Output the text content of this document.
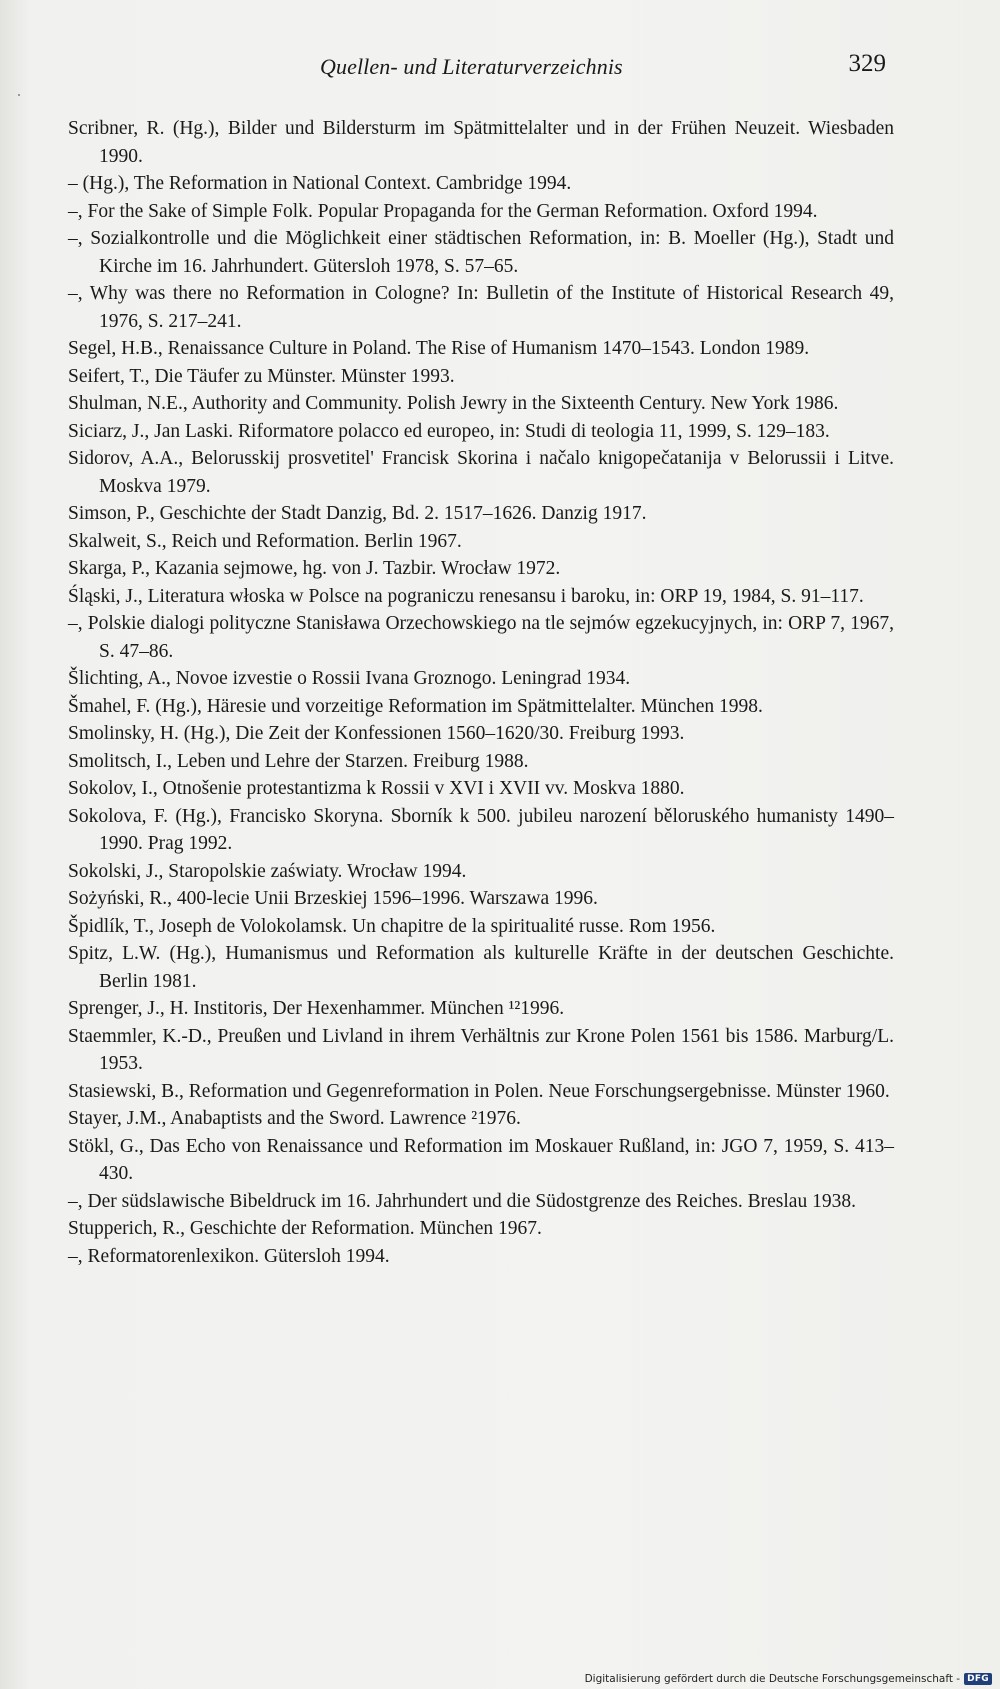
Quellen- und Literaturverzeichnis	329
Scribner, R. (Hg.), Bilder und Bildersturm im Spätmittelalter und in der Frühen Neuzeit. Wiesbaden 1990.
– (Hg.), The Reformation in National Context. Cambridge 1994.
–, For the Sake of Simple Folk. Popular Propaganda for the German Reformation. Oxford 1994.
–, Sozialkontrolle und die Möglichkeit einer städtischen Reformation, in: B. Moeller (Hg.), Stadt und Kirche im 16. Jahrhundert. Gütersloh 1978, S. 57–65.
–, Why was there no Reformation in Cologne? In: Bulletin of the Institute of Historical Research 49, 1976, S. 217–241.
Segel, H.B., Renaissance Culture in Poland. The Rise of Humanism 1470–1543. London 1989.
Seifert, T., Die Täufer zu Münster. Münster 1993.
Shulman, N.E., Authority and Community. Polish Jewry in the Sixteenth Century. New York 1986.
Siciarz, J., Jan Laski. Riformatore polacco ed europeo, in: Studi di teologia 11, 1999, S. 129–183.
Sidorov, A.A., Belorusskij prosvetitel' Francisk Skorina i načalo knigopečatanija v Belorussii i Litve. Moskva 1979.
Simson, P., Geschichte der Stadt Danzig, Bd. 2. 1517–1626. Danzig 1917.
Skalweit, S., Reich und Reformation. Berlin 1967.
Skarga, P., Kazania sejmowe, hg. von J. Tazbir. Wrocław 1972.
Śląski, J., Literatura włoska w Polsce na pograniczu renesansu i baroku, in: ORP 19, 1984, S. 91–117.
–, Polskie dialogi polityczne Stanisława Orzechowskiego na tle sejmów egzekucyjnych, in: ORP 7, 1967, S. 47–86.
Šlichting, A., Novoe izvestie o Rossii Ivana Groznogo. Leningrad 1934.
Šmahel, F. (Hg.), Häresie und vorzeitige Reformation im Spätmittelalter. München 1998.
Smolinsky, H. (Hg.), Die Zeit der Konfessionen 1560–1620/30. Freiburg 1993.
Smolitsch, I., Leben und Lehre der Starzen. Freiburg 1988.
Sokolov, I., Otnošenie protestantizma k Rossii v XVI i XVII vv. Moskva 1880.
Sokolova, F. (Hg.), Francisko Skoryna. Sborník k 500. jubileu narození běloruského humanisty 1490–1990. Prag 1992.
Sokolski, J., Staropolskie zaświaty. Wrocław 1994.
Sożyński, R., 400-lecie Unii Brzeskiej 1596–1996. Warszawa 1996.
Špidlík, T., Joseph de Volokolamsk. Un chapitre de la spiritualité russe. Rom 1956.
Spitz, L.W. (Hg.), Humanismus und Reformation als kulturelle Kräfte in der deutschen Geschichte. Berlin 1981.
Sprenger, J., H. Institoris, Der Hexenhammer. München ¹²1996.
Staemmler, K.-D., Preußen und Livland in ihrem Verhältnis zur Krone Polen 1561 bis 1586. Marburg/L. 1953.
Stasiewski, B., Reformation und Gegenreformation in Polen. Neue Forschungsergebnisse. Münster 1960.
Stayer, J.M., Anabaptists and the Sword. Lawrence ²1976.
Stökl, G., Das Echo von Renaissance und Reformation im Moskauer Rußland, in: JGO 7, 1959, S. 413–430.
–, Der südslawische Bibeldruck im 16. Jahrhundert und die Südostgrenze des Reiches. Breslau 1938.
Stupperich, R., Geschichte der Reformation. München 1967.
–, Reformatorenlexikon. Gütersloh 1994.
Digitalisierung gefördert durch die Deutsche Forschungsgemeinschaft - DFG
